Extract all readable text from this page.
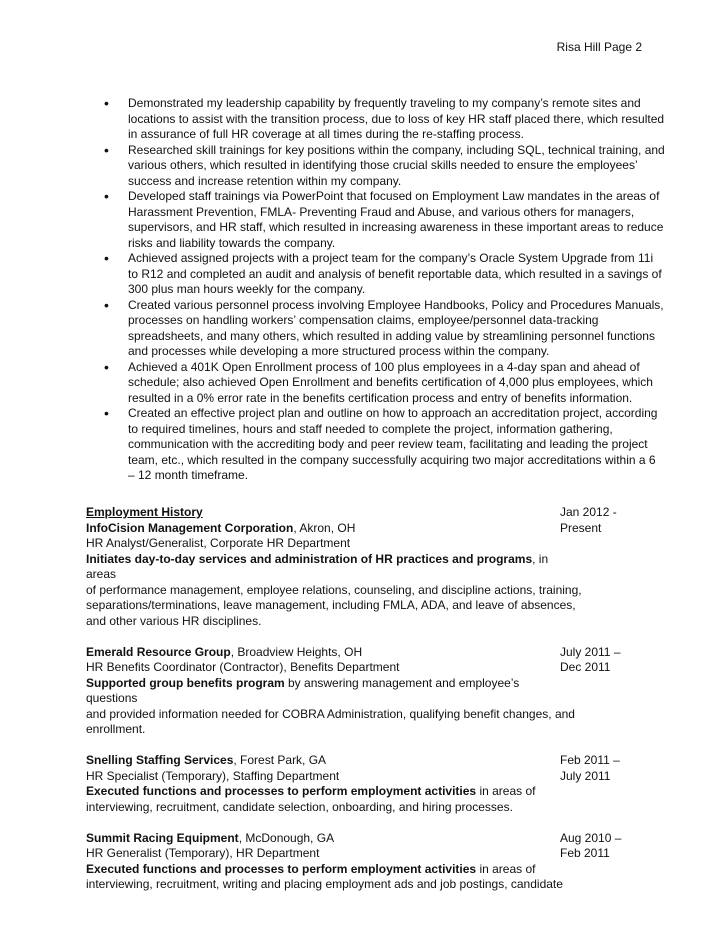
Risa Hill Page 2
• Demonstrated my leadership capability by frequently traveling to my company’s remote sites and
locations to assist with the transition process, due to loss of key HR staff placed there, which resulted
in assurance of full HR coverage at all times during the re-staffing process.
• Researched skill trainings for key positions within the company, including SQL, technical training, and
various others, which resulted in identifying those crucial skills needed to ensure the employees’
success and increase retention within my company.
• Developed staff trainings via PowerPoint that focused on Employment Law mandates in the areas of
Harassment Prevention, FMLA- Preventing Fraud and Abuse, and various others for managers,
supervisors, and HR staff, which resulted in increasing awareness in these important areas to reduce
risks and liability towards the company.
• Achieved assigned projects with a project team for the company’s Oracle System Upgrade from 11i
to R12 and completed an audit and analysis of benefit reportable data, which resulted in a savings of
300 plus man hours weekly for the company.
• Created various personnel process involving Employee Handbooks, Policy and Procedures Manuals,
processes on handling workers’ compensation claims, employee/personnel data-tracking
spreadsheets, and many others, which resulted in adding value by streamlining personnel functions
and processes while developing a more structured process within the company.
• Achieved a 401K Open Enrollment process of 100 plus employees in a 4-day span and ahead of
schedule; also achieved Open Enrollment and benefits certification of 4,000 plus employees, which
resulted in a 0% error rate in the benefits certification process and entry of benefits information.
• Created an effective project plan and outline on how to approach an accreditation project, according
to required timelines, hours and staff needed to complete the project, information gathering,
communication with the accrediting body and peer review team, facilitating and leading the project
team, etc., which resulted in the company successfully acquiring two major accreditations within a 6
– 12 month timeframe.
Employment History
InfoCision Management Corporation, Akron, OH
HR Analyst/Generalist, Corporate HR Department
Initiates day-to-day services and administration of HR practices and programs, in areas
of performance management, employee relations, counseling, and discipline actions, training,
separations/terminations, leave management, including FMLA, ADA, and leave of absences,
and other various HR disciplines.
Jan 2012 -
Present
Emerald Resource Group, Broadview Heights, OH
HR Benefits Coordinator (Contractor), Benefits Department
Supported group benefits program by answering management and employee’s questions
and provided information needed for COBRA Administration, qualifying benefit changes, and
enrollment.
July 2011 –
Dec 2011
Snelling Staffing Services, Forest Park, GA
HR Specialist (Temporary), Staffing Department
Executed functions and processes to perform employment activities in areas of
interviewing, recruitment, candidate selection, onboarding, and hiring processes.
Feb 2011 –
July 2011
Summit Racing Equipment, McDonough, GA
HR Generalist (Temporary), HR Department
Executed functions and processes to perform employment activities in areas of
interviewing, recruitment, writing and placing employment ads and job postings, candidate
Aug 2010 –
Feb 2011
